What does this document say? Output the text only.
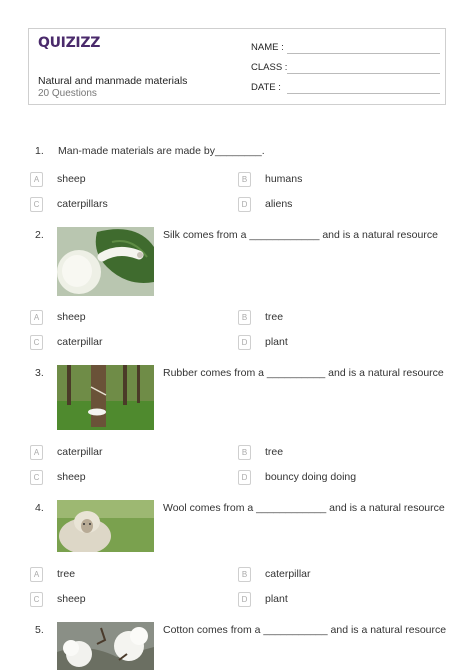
QUIZIZZ
Natural and manmade materials
20 Questions
NAME :
CLASS :
DATE :
1. Man-made materials are made by________.
A	sheep	B	humans
C	caterpillars	D	aliens
2.	Silk comes from a ____________ and is a natural resource
A	sheep	B	tree
C	caterpillar	D	plant
3.	Rubber comes from a __________ and is a natural resource
A	caterpillar	B	tree
C	sheep	D	bouncy doing doing
4.	Wool comes from a ____________ and is a natural resource
A	tree	B	caterpillar
C	sheep	D	plant
5.	Cotton comes from a ___________ and is a natural resource
